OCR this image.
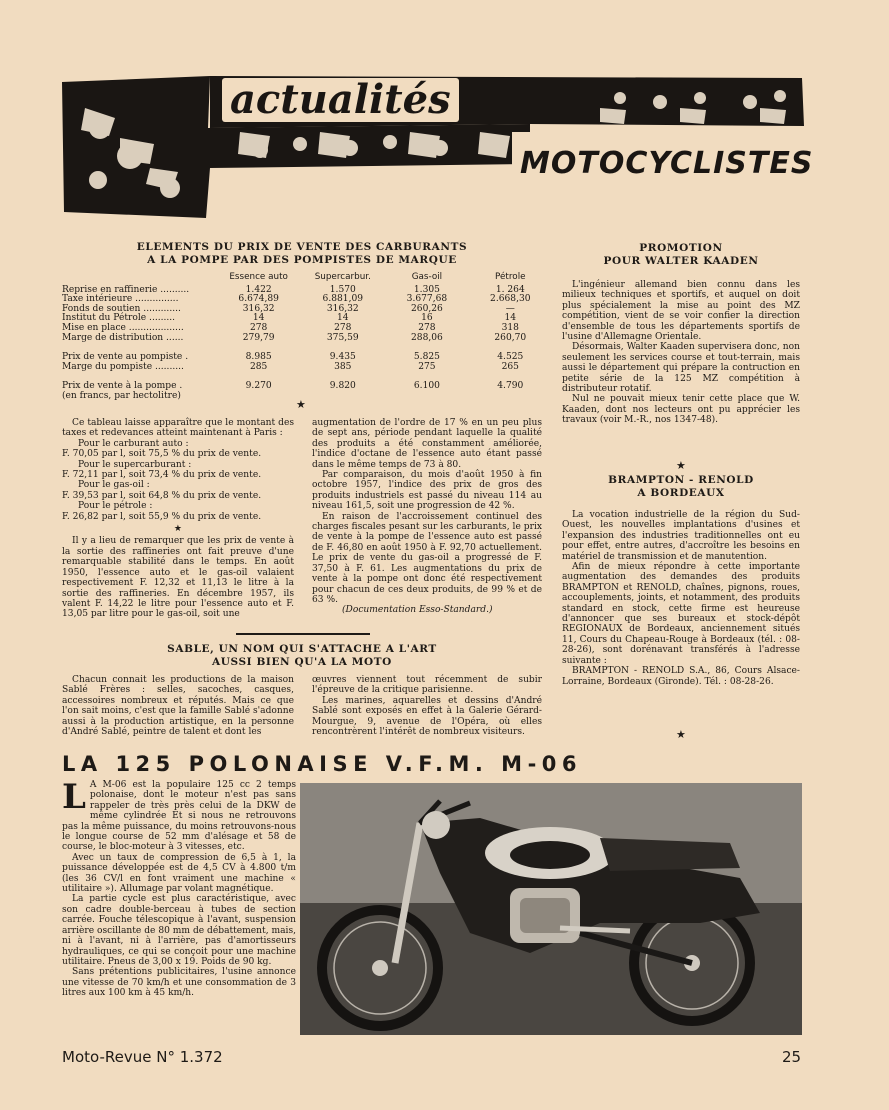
actualités
MOTOCYCLISTES
ELEMENTS DU PRIX DE VENTE DES CARBURANTS
A LA POMPE PAR DES POMPISTES DE MARQUE
	Essence auto	Supercarbur.	Gas-oil	Pétrole
Reprise en raffinerie ..........	1.422	1.570	1.305	1. 264
Taxe intérieure ...............	6.674,89	6.881,09	3.677,68	2.668,30
Fonds de soutien .............	316,32	316,32	260,26	—
Institut du Pétrole .........	14	14	16	14
Mise en place ...................	278	278	278	318
Marge de distribution ......	279,79	375,59	288,06	260,70

Prix de vente au pompiste .	8.985	9.435	5.825	4.525
Marge du pompiste ..........	285	385	275	265

Prix de vente à la pompe .	9.270	9.820	6.100	4.790
(en francs, par hectolitre)				
★

Ce tableau laisse apparaître que le montant des taxes et redevances atteint maintenant à Paris :

Pour le carburant auto :

F. 70,05 par l, soit 75,5 % du prix de vente.

Pour le supercarburant :

F. 72,11 par l, soit 73,4 % du prix de vente.

Pour le gas-oil :

F. 39,53 par l, soit 64,8 % du prix de vente.

Pour le pétrole :

F. 26,82 par l, soit 55,9 % du prix de vente.

★

Il y a lieu de remarquer que les prix de vente à la sortie des raffineries ont fait preuve d'une remarquable stabilité dans le temps. En août 1950, l'essence auto et le gas-oil valaient respectivement F. 12,32 et 11,13 le litre à la sortie des raffineries. En décembre 1957, ils valent F. 14,22 le litre pour l'essence auto et F. 13,05 par litre pour le gas-oil, soit une

augmentation de l'ordre de 17 % en un peu plus de sept ans, période pendant laquelle la qualité des produits a été constamment améliorée, l'indice d'octane de l'essence auto étant passé dans le même temps de 73 à 80.

Par comparaison, du mois d'août 1950 à fin octobre 1957, l'indice des prix de gros des produits industriels est passé du niveau 114 au niveau 161,5, soit une progression de 42 %.

En raison de l'accroissement continuel des charges fiscales pesant sur les carburants, le prix de vente à la pompe de l'essence auto est passé de F. 46,80 en août 1950 à F. 92,70 actuellement. Le prix de vente du gas-oil a progressé de F. 37,50 à F. 61. Les augmentations du prix de vente à la pompe ont donc été respectivement pour chacun de ces deux produits, de 99 % et de 63 %.

(Documentation Esso-Standard.)

SABLE, UN NOM QUI S'ATTACHE A L'ART
AUSSI BIEN QU'A LA MOTO

Chacun connait les productions de la maison Sablé Frères : selles, sacoches, casques, accessoires nombreux et réputés. Mais ce que l'on sait moins, c'est que la famille Sablé s'adonne aussi à la production artistique, en la personne d'André Sablé, peintre de talent et dont les

œuvres viennent tout récemment de subir l'épreuve de la critique parisienne.

Les marines, aquarelles et dessins d'André Sablé sont exposés en effet à la Galerie Gérard-Mourgue, 9, avenue de l'Opéra, où elles rencontrèrent l'intérêt de nombreux visiteurs.

PROMOTION
POUR WALTER KAADEN

L'ingénieur allemand bien connu dans les milieux techniques et sportifs, et auquel on doit plus spécialement la mise au point des MZ compétition, vient de se voir confier la direction d'ensemble de tous les départements sportifs de l'usine d'Allemagne Orientale.

Désormais, Walter Kaaden supervisera donc, non seulement les services course et tout-terrain, mais aussi le département qui prépare la contruction en petite série de la 125 MZ compétition à distributeur rotatif.

Nul ne pouvait mieux tenir cette place que W. Kaaden, dont nos lecteurs ont pu apprécier les travaux (voir M.-R., nos 1347-48).

★
BRAMPTON - RENOLD
A BORDEAUX

La vocation industrielle de la région du Sud-Ouest, les nouvelles implantations d'usines et l'expansion des industries traditionnelles ont eu pour effet, entre autres, d'accroître les besoins en matériel de transmission et de manutention.

Afin de mieux répondre à cette importante augmentation des demandes des produits BRAMPTON et RENOLD, chaînes, pignons, roues, accouplements, joints, et notamment, des produits standard en stock, cette firme est heureuse d'annoncer que ses bureaux et stock-dépôt REGIONAUX de Bordeaux, anciennement situés 11, Cours du Chapeau-Rouge à Bordeaux (tél. : 08-28-26), sont dorénavant transférés à l'adresse suivante :

BRAMPTON - RENOLD S.A., 86, Cours Alsace-Lorraine, Bordeaux (Gironde). Tél. : 08-28-26.

★
LA 125 POLONAISE V.F.M. M-06
L A M-06 est la populaire 125 cc 2 temps polonaise, dont le moteur n'est pas sans rappeler de très près celui de la DKW de même cylindrée Et si nous ne retrouvons pas la même puissance, du moins retrouvons-nous le longue course de 52 mm d'alésage et 58 de course, le bloc-moteur à 3 vitesses, etc.

Avec un taux de compression de 6,5 à 1, la puissance développée est de 4,5 CV à 4.800 t/m (les 36 CV/l en font vraiment une machine « utilitaire »). Allumage par volant magnétique.

La partie cycle est plus caractéristique, avec son cadre double-berceau à tubes de section carrée. Fouche télescopique à l'avant, suspension arrière oscillante de 80 mm de débattement, mais, ni à l'avant, ni à l'arrière, pas d'amortisseurs hydrauliques, ce qui se conçoit pour une machine utilitaire. Pneus de 3,00 x 19. Poids de 90 kg.

Sans prétentions publicitaires, l'usine annonce une vitesse de 70 km/h et une consommation de 3 litres aux 100 km à 45 km/h.

Moto-Revue N° 1.372	25
